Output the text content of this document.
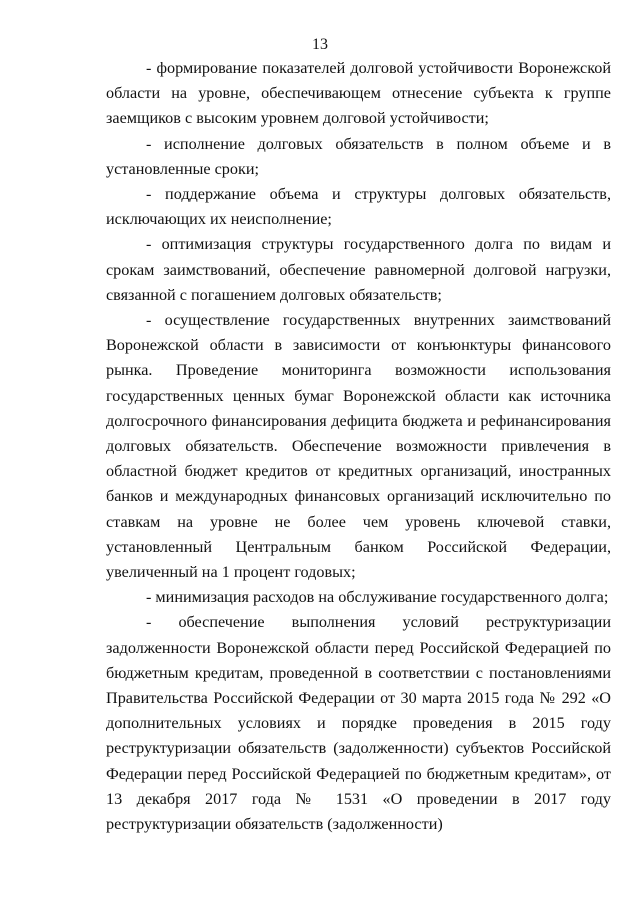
13

- формирование показателей долговой устойчивости Воронежской области на уровне, обеспечивающем отнесение субъекта к группе заемщиков с высоким уровнем долговой устойчивости;

- исполнение долговых обязательств в полном объеме и в установленные сроки;

- поддержание объема и структуры долговых обязательств, исключающих их неисполнение;

- оптимизация структуры государственного долга по видам и срокам заимствований, обеспечение равномерной долговой нагрузки, связанной с погашением долговых обязательств;

- осуществление государственных внутренних заимствований Воронежской области в зависимости от конъюнктуры финансового рынка. Проведение мониторинга возможности использования государственных ценных бумаг Воронежской области как источника долгосрочного финансирования дефицита бюджета и рефинансирования долговых обязательств. Обеспечение возможности привлечения в областной бюджет кредитов от кредитных организаций, иностранных банков и международных финансовых организаций исключительно по ставкам на уровне не более чем уровень ключевой ставки, установленный Центральным банком Российской Федерации, увеличенный на 1 процент годовых;

- минимизация расходов на обслуживание государственного долга;

- обеспечение выполнения условий реструктуризации задолженности Воронежской области перед Российской Федерацией по бюджетным кредитам, проведенной в соответствии с постановлениями Правительства Российской Федерации от 30 марта 2015 года № 292 «О дополнительных условиях и порядке проведения в 2015 году реструктуризации обязательств (задолженности) субъектов Российской Федерации перед Российской Федерацией по бюджетным кредитам», от 13 декабря 2017 года № 1531 «О проведении в 2017 году реструктуризации обязательств (задолженности)
